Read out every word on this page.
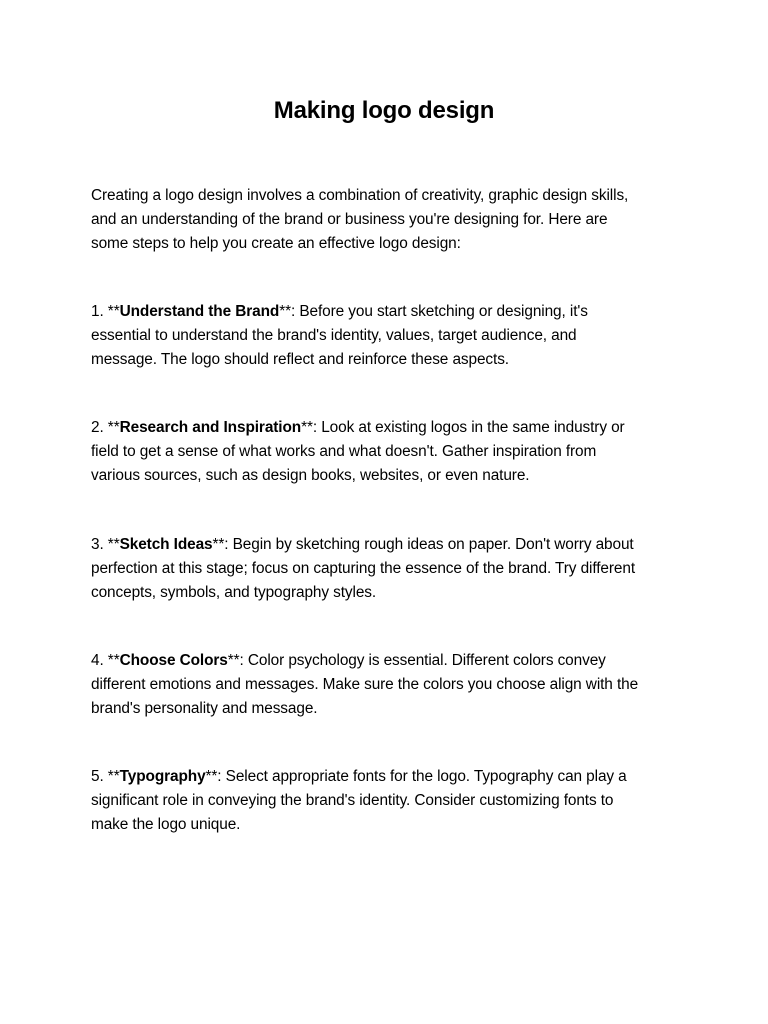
Making logo design

Creating a logo design involves a combination of creativity, graphic design skills,
and an understanding of the brand or business you're designing for. Here are
some steps to help you create an effective logo design:

1. **Understand the Brand**: Before you start sketching or designing, it's
essential to understand the brand's identity, values, target audience, and
message. The logo should reflect and reinforce these aspects.

2. **Research and Inspiration**: Look at existing logos in the same industry or
field to get a sense of what works and what doesn't. Gather inspiration from
various sources, such as design books, websites, or even nature.

3. **Sketch Ideas**: Begin by sketching rough ideas on paper. Don't worry about
perfection at this stage; focus on capturing the essence of the brand. Try different
concepts, symbols, and typography styles.

4. **Choose Colors**: Color psychology is essential. Different colors convey
different emotions and messages. Make sure the colors you choose align with the
brand's personality and message.

5. **Typography**: Select appropriate fonts for the logo. Typography can play a
significant role in conveying the brand's identity. Consider customizing fonts to
make the logo unique.
